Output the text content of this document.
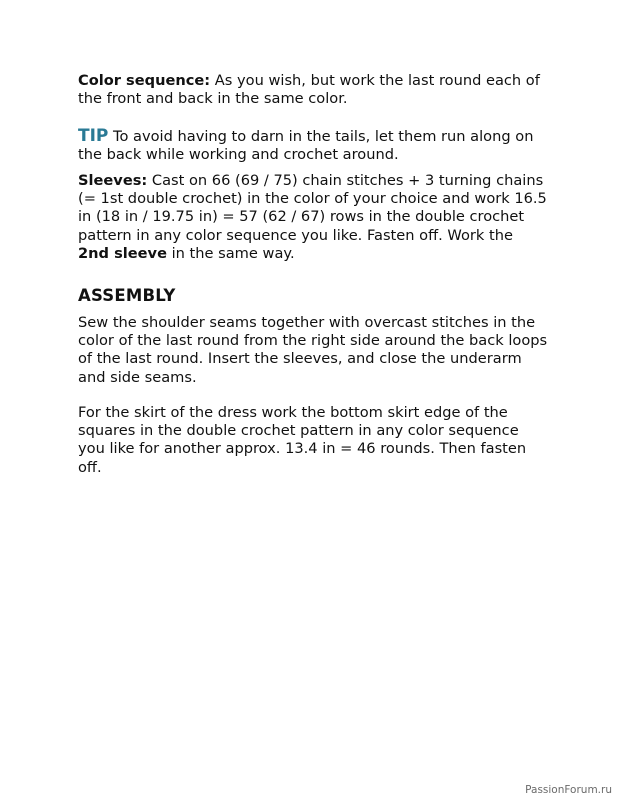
Color sequence: As you wish, but work the last round each of the front and back in the same color.

TIP To avoid having to darn in the tails, let them run along on the back while working and crochet around.

Sleeves: Cast on 66 (69 / 75) chain stitches + 3 turning chains (= 1st double crochet) in the color of your choice and work 16.5 in (18 in / 19.75 in) = 57 (62 / 67) rows in the double crochet pattern in any color sequence you like. Fasten off. Work the 2nd sleeve in the same way.

ASSEMBLY

Sew the shoulder seams together with overcast stitches in the color of the last round from the right side around the back loops of the last round. Insert the sleeves, and close the underarm and side seams.

For the skirt of the dress work the bottom skirt edge of the squares in the double crochet pattern in any color sequence you like for another approx. 13.4 in = 46 rounds. Then fasten off.

PassionForum.ru
